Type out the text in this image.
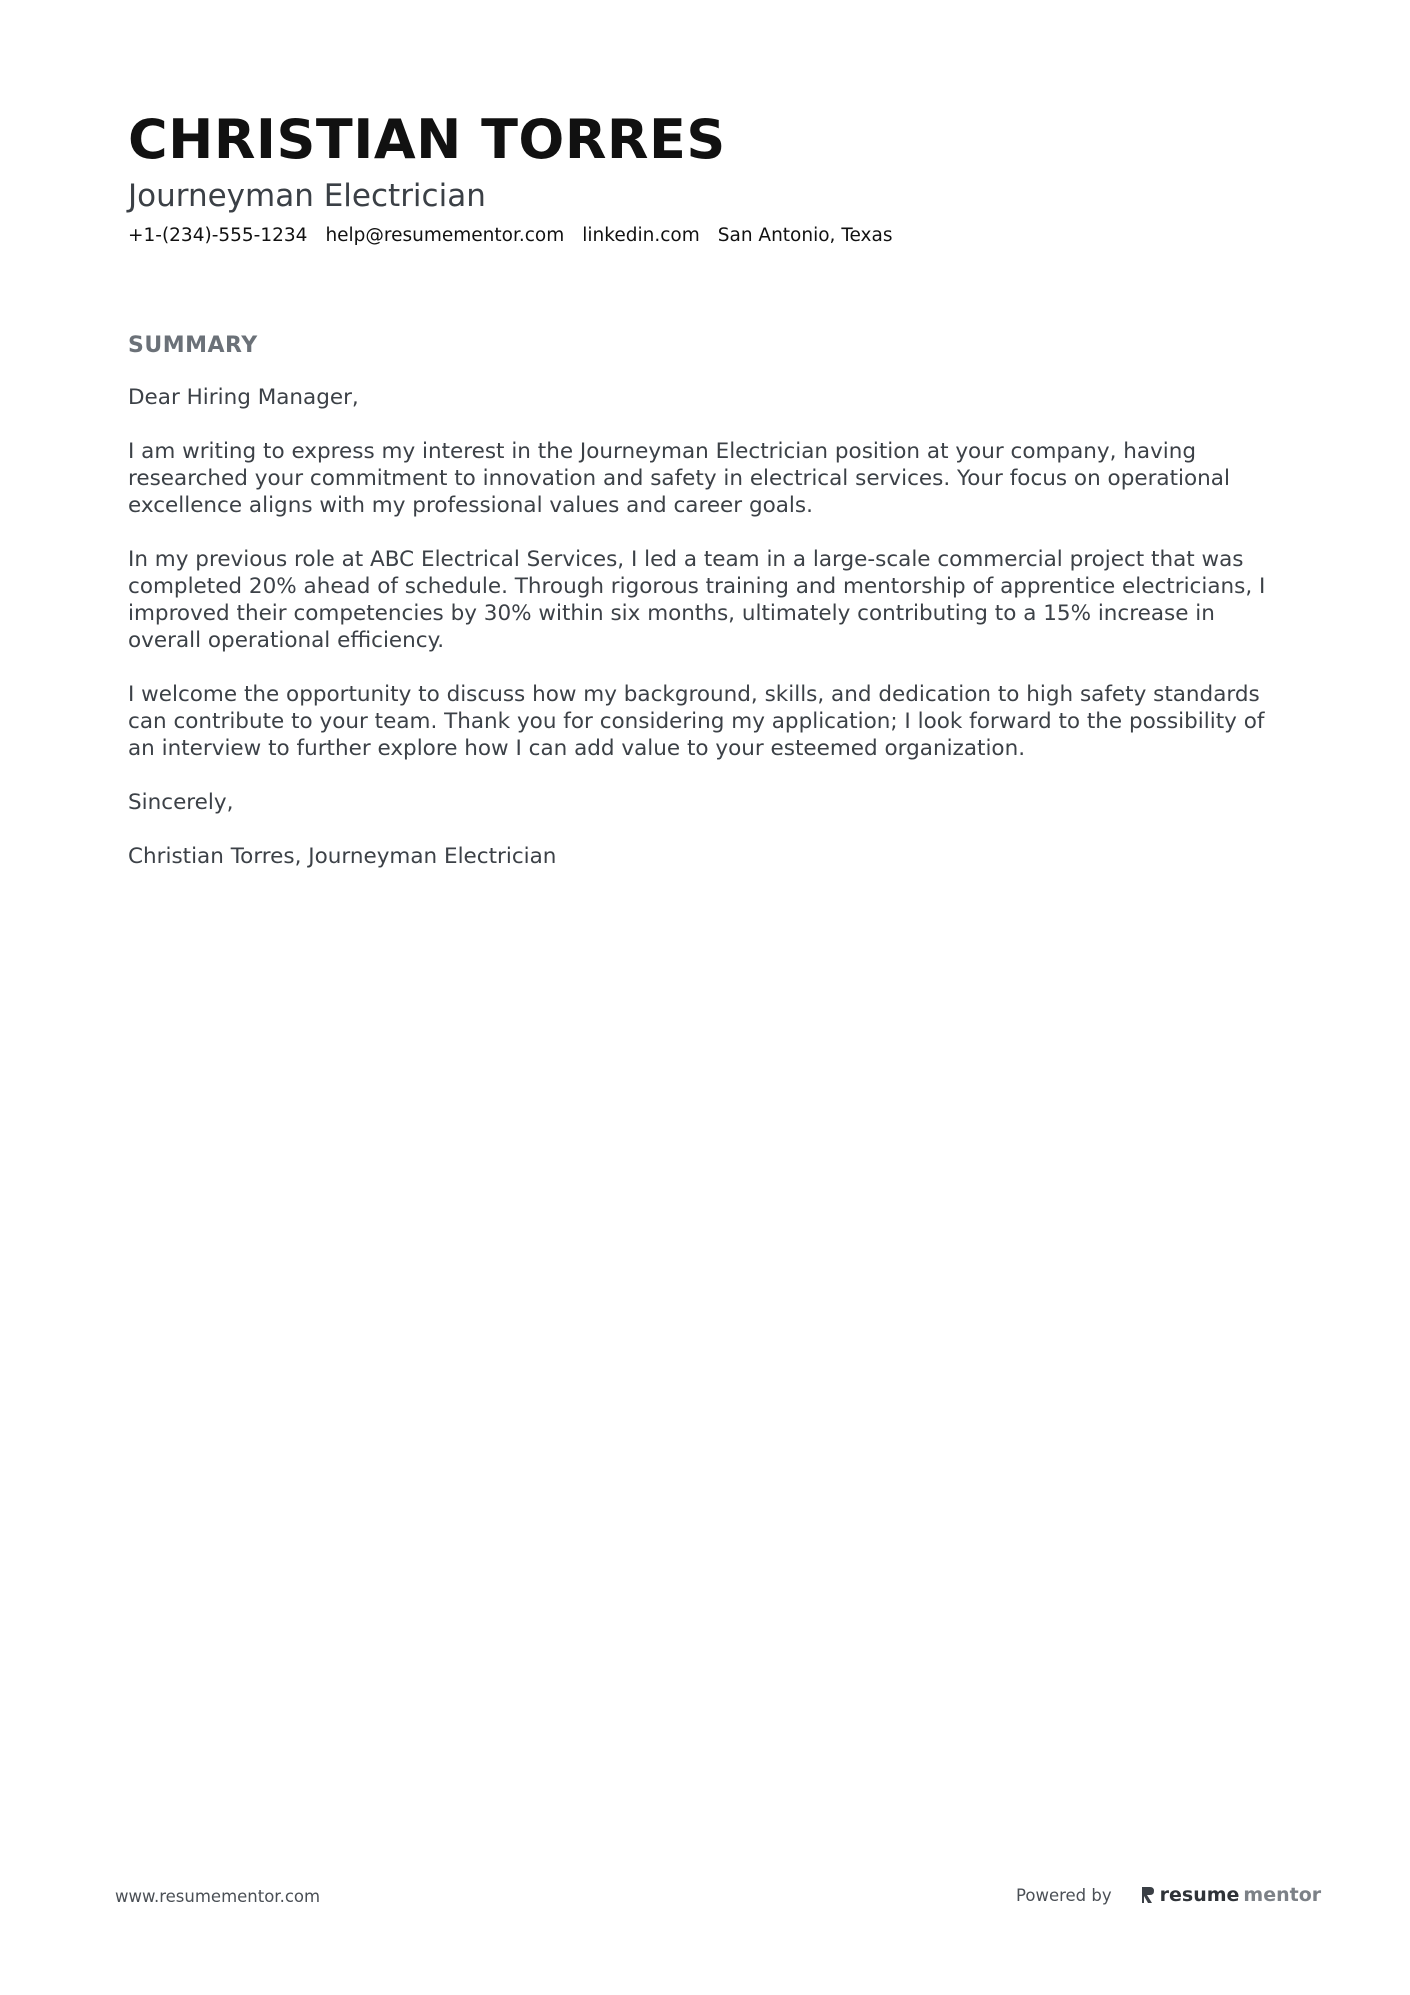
CHRISTIAN TORRES
Journeyman Electrician
+1-(234)-555-1234 help@resumementor.com linkedin.com San Antonio, Texas
SUMMARY

Dear Hiring Manager,

I am writing to express my interest in the Journeyman Electrician position at your company, having researched your commitment to innovation and safety in electrical services. Your focus on operational excellence aligns with my professional values and career goals.

In my previous role at ABC Electrical Services, I led a team in a large-scale commercial project that was completed 20% ahead of schedule. Through rigorous training and mentorship of apprentice electricians, I improved their competencies by 30% within six months, ultimately contributing to a 15% increase in overall operational efficiency.

I welcome the opportunity to discuss how my background, skills, and dedication to high safety standards can contribute to your team. Thank you for considering my application; I look forward to the possibility of an interview to further explore how I can add value to your esteemed organization.

Sincerely,

Christian Torres, Journeyman Electrician

www.resumementor.com	Powered by	resume mentor
